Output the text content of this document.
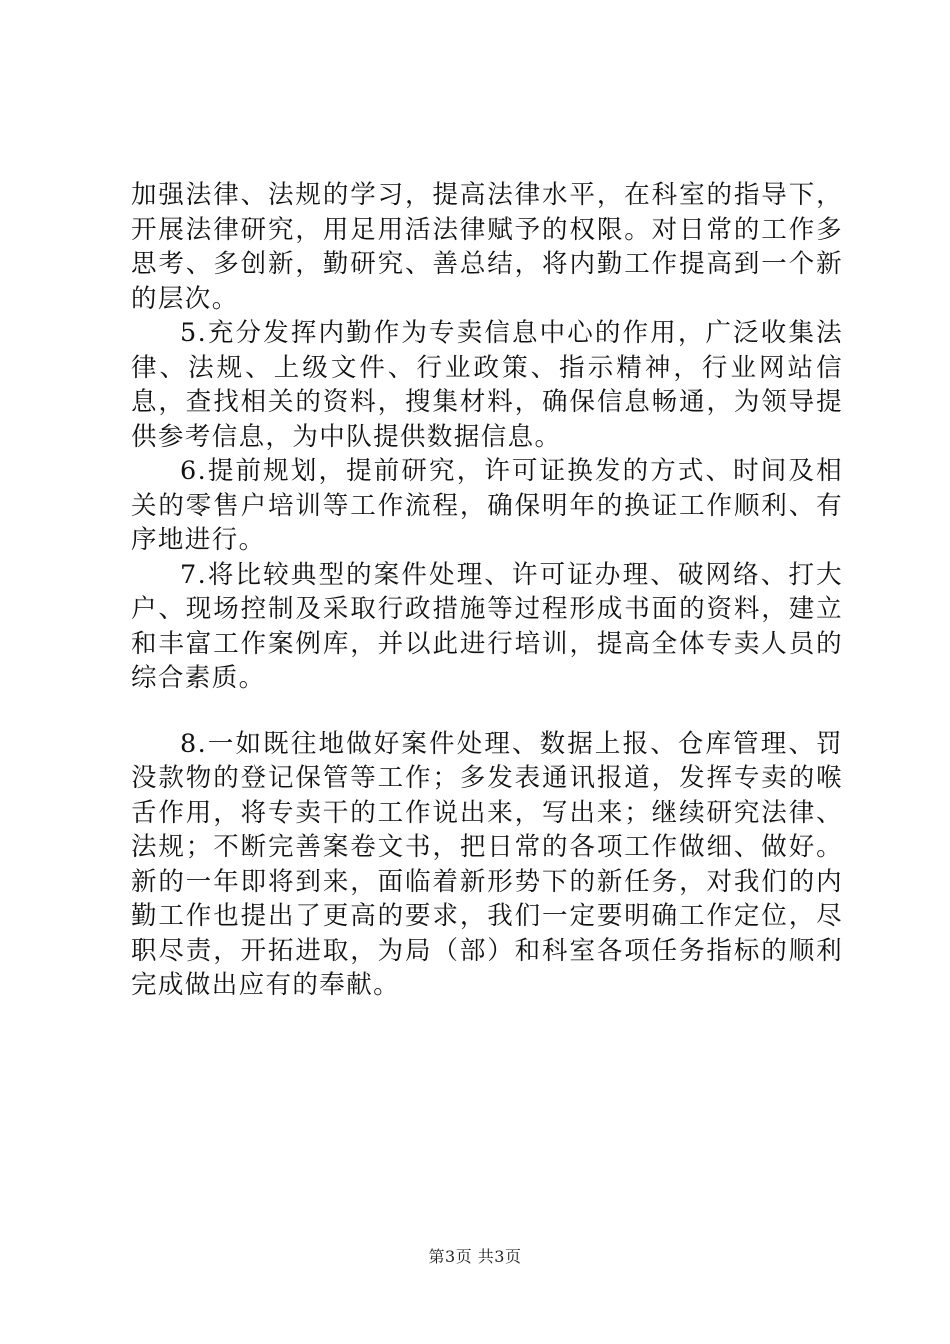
加强法律、法规的学习，提高法律水平，在科室的指导下，开展法律研究，用足用活法律赋予的权限。对日常的工作多思考、多创新，勤研究、善总结，将内勤工作提高到一个新的层次。

5.充分发挥内勤作为专卖信息中心的作用，广泛收集法律、法规、上级文件、行业政策、指示精神，行业网站信息，查找相关的资料，搜集材料，确保信息畅通，为领导提供参考信息，为中队提供数据信息。

6.提前规划，提前研究，许可证换发的方式、时间及相关的零售户培训等工作流程，确保明年的换证工作顺利、有序地进行。

7.将比较典型的案件处理、许可证办理、破网络、打大户、现场控制及采取行政措施等过程形成书面的资料，建立和丰富工作案例库，并以此进行培训，提高全体专卖人员的综合素质。

8.一如既往地做好案件处理、数据上报、仓库管理、罚没款物的登记保管等工作；多发表通讯报道，发挥专卖的喉舌作用，将专卖干的工作说出来，写出来；继续研究法律、法规；不断完善案卷文书，把日常的各项工作做细、做好。新的一年即将到来，面临着新形势下的新任务，对我们的内勤工作也提出了更高的要求，我们一定要明确工作定位，尽职尽责，开拓进取，为局（部）和科室各项任务指标的顺利完成做出应有的奉献。

第3页 共3页
